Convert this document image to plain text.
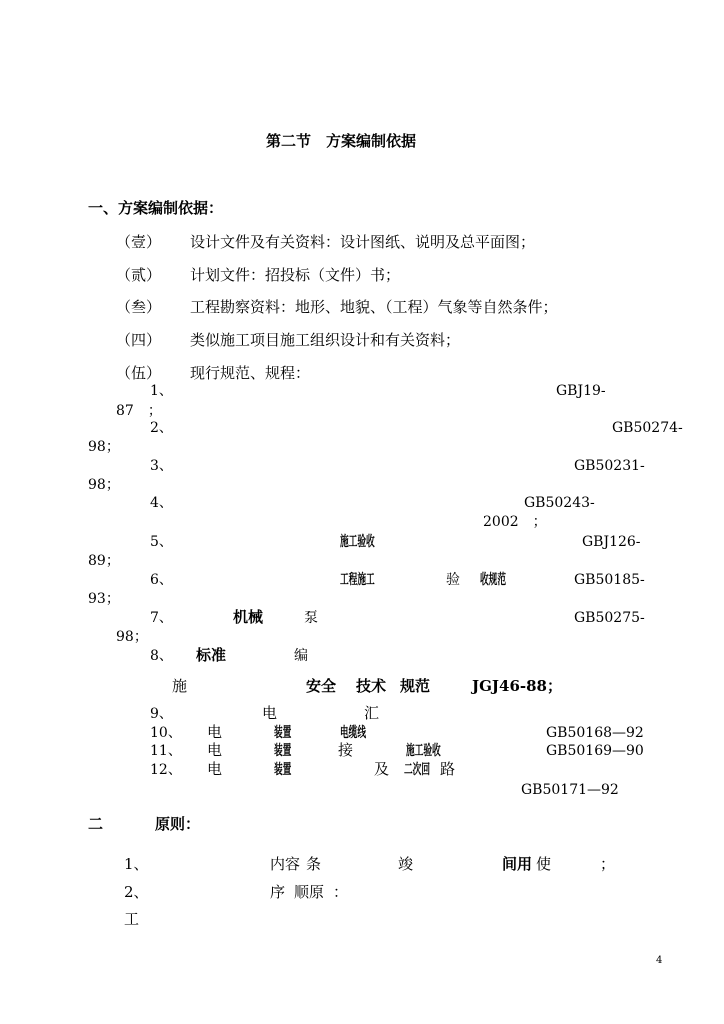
第二节　方案编制依据
一、方案编制依据：
（壹） 设计文件及有关资料：设计图纸、说明及总平面图；
（贰） 计划文件：招投标（文件）书；
（叁） 工程勘察资料：地形、地貌、（工程）气象等自然条件；
（四） 类似施工项目施工组织设计和有关资料；
（伍） 现行规范、规程：
1、	GBJ19-
87　；
2、	GB50274-
98；
3、	GB50231-
98；
4、	GB50243-
2002　；
5、	施工验收	GBJ126-
89；
6、	工程施工	验 收规范	GB50185-
93；
7、	机械	泵	GB50275-
98；
8、 标准	编
施	安全 技术 规范	JGJ46-88；
9、	电	汇
10、 电	装置	电缆线	GB50168—92
11、 电	装置	接	施工验收	GB50169—90
12、 电	装置	及 二次回 路
GB50171—92
二	原则 ：
1、	内容 条	竣	间用 使	；
2、	序 顺原 ：
工
4
